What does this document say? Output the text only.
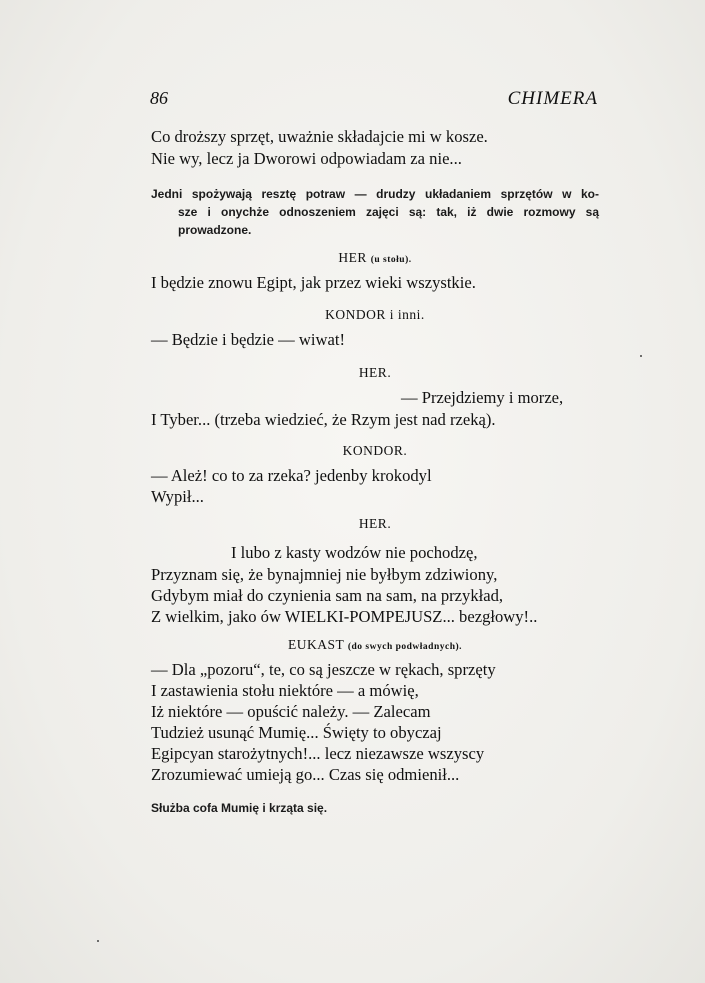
86	CHIMERA
Co droższy sprzęt, uważnie składajcie mi w kosze.
Nie wy, lecz ja Dworowi odpowiadam za nie...
Jedni spożywają resztę potraw — drudzy układaniem sprzętów w ko-
sze i onychże odnoszeniem zajęci są: tak, iż dwie rozmowy są
prowadzone.
HER (u stołu).
I będzie znowu Egipt, jak przez wieki wszystkie.
KONDOR i inni.
— Będzie i będzie — wiwat!
HER.
— Przejdziemy i morze,
I Tyber... (trzeba wiedzieć, że Rzym jest nad rzeką).
KONDOR.
— Ależ! co to za rzeka? jedenby krokodyl
Wypił...
HER.
I lubo z kasty wodzów nie pochodzę,
Przyznam się, że bynajmniej nie byłbym zdziwiony,
Gdybym miał do czynienia sam na sam, na przykład,
Z wielkim, jako ów WIELKI-POMPEJUSZ... bezgłowy!..
EUKAST (do swych podwładnych).
— Dla „pozoru“, te, co są jeszcze w rękach, sprzęty
I zastawienia stołu niektóre — a mówię,
Iż niektóre — opuścić należy. — Zalecam
Tudzież usunąć Mumię... Święty to obyczaj
Egipcyan starożytnych!... lecz niezawsze wszyscy
Zrozumiewać umieją go... Czas się odmienił...
Służba cofa Mumię i krząta się.
